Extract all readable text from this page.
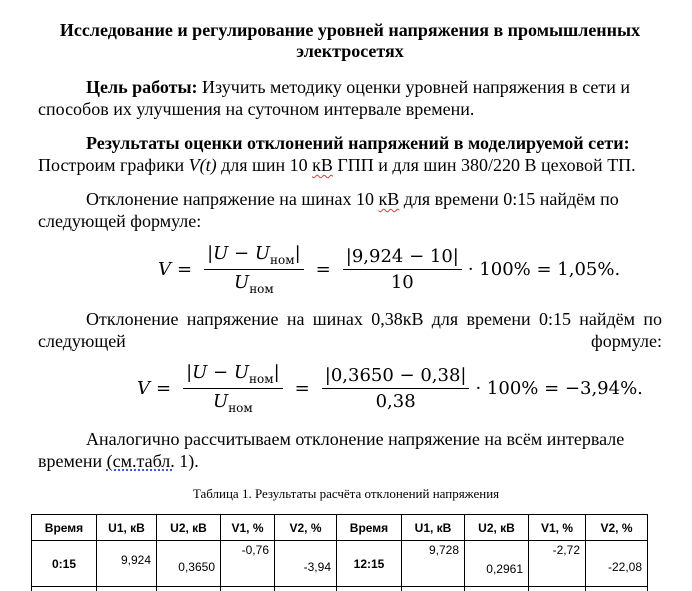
Исследование и регулирование уровней напряжения в промышленных электросетях
Цель работы: Изучить методику оценки уровней напряжения в сети и способов их улучшения на суточном интервале времени.
Результаты оценки отклонений напряжений в моделируемой сети:
Построим графики V(t) для шин 10 кВ ГПП и для шин 380/220 В цеховой ТП.
Отклонение напряжение на шинах 10 кВ для времени 0:15 найдём по следующей формуле:
$V = \frac{|U - U_{ном}|}{U_{ном}} = \frac{|9,924 - 10|}{10} \cdot 100\% = 1,05\%$.
Отклонение напряжение на шинах 0,38кВ для времени 0:15 найдём по следующей формуле:
$V = \frac{|U - U_{ном}|}{U_{ном}} = \frac{|0,3650 - 0,38|}{0,38} \cdot 100\% = -3,94\%$.
Аналогично рассчитываем отклонение напряжение на всём интервале времени (см.табл. 1).
Таблица 1. Результаты расчёта отклонений напряжения
Время	U1, кВ	U2, кВ	V1, %	V2, %	Время	U1, кВ	U2, кВ	V1, %	V2, %
0:15	9,924	0,3650	-0,76	-3,94	12:15	9,728	0,2961	-2,72	-22,08
